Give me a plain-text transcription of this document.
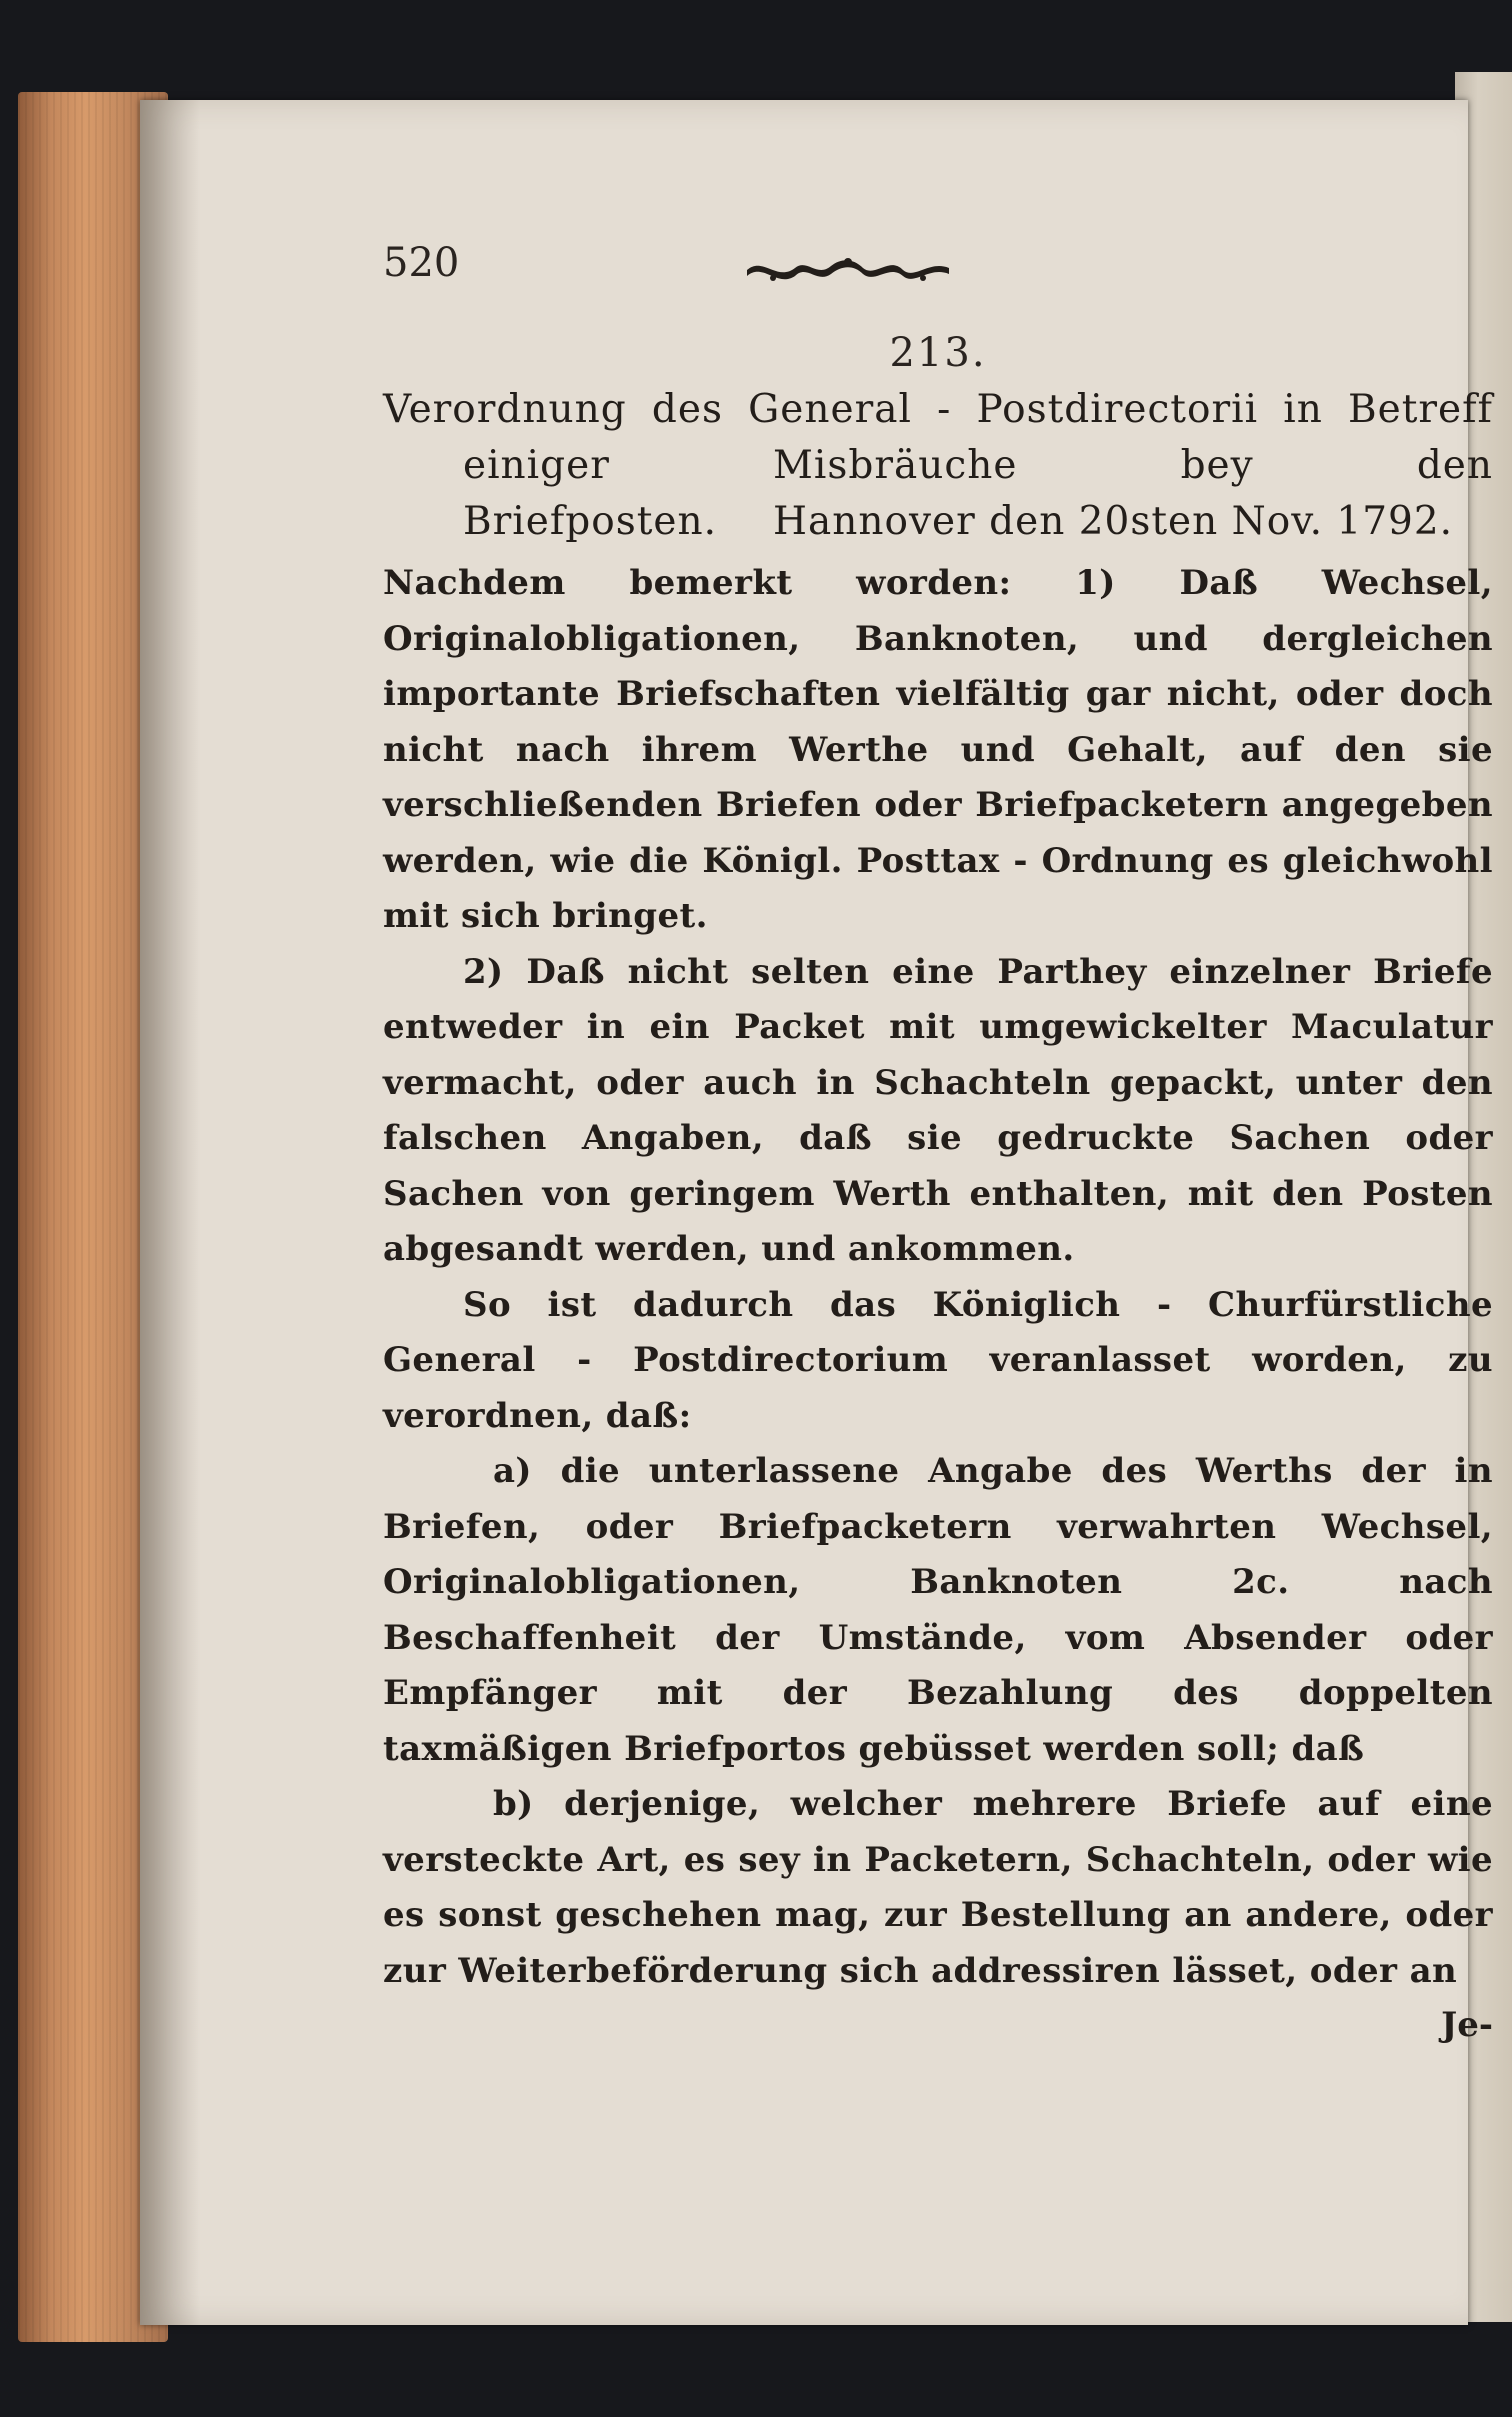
520
213.

Verordnung des General - Postdirectorii in Betreff einiger Misbräuche bey den Briefposten. Hannover den 20sten Nov. 1792.

Nachdem bemerkt worden: 1) Daß Wechsel, Originalobligationen, Banknoten, und dergleichen importante Briefschaften vielfältig gar nicht, oder doch nicht nach ihrem Werthe und Gehalt, auf den sie verschließenden Briefen oder Briefpacketern angegeben werden, wie die Königl. Posttax - Ordnung es gleichwohl mit sich bringet.

2) Daß nicht selten eine Parthey einzelner Briefe entweder in ein Packet mit umgewickelter Maculatur vermacht, oder auch in Schachteln gepackt, unter den falschen Angaben, daß sie gedruckte Sachen oder Sachen von geringem Werth enthalten, mit den Posten abgesandt werden, und ankommen.

So ist dadurch das Königlich - Churfürstliche General - Postdirectorium veranlasset worden, zu verordnen, daß:

a) die unterlassene Angabe des Werths der in Briefen, oder Briefpacketern verwahrten Wechsel, Originalobligationen, Banknoten 2c. nach Beschaffenheit der Umstände, vom Absender oder Empfänger mit der Bezahlung des doppelten taxmäßigen Briefportos gebüsset werden soll; daß

b) derjenige, welcher mehrere Briefe auf eine versteckte Art, es sey in Packetern, Schachteln, oder wie es sonst geschehen mag, zur Bestellung an andere, oder zur Weiterbeförderung sich addressiren lässet, oder an

Je-
